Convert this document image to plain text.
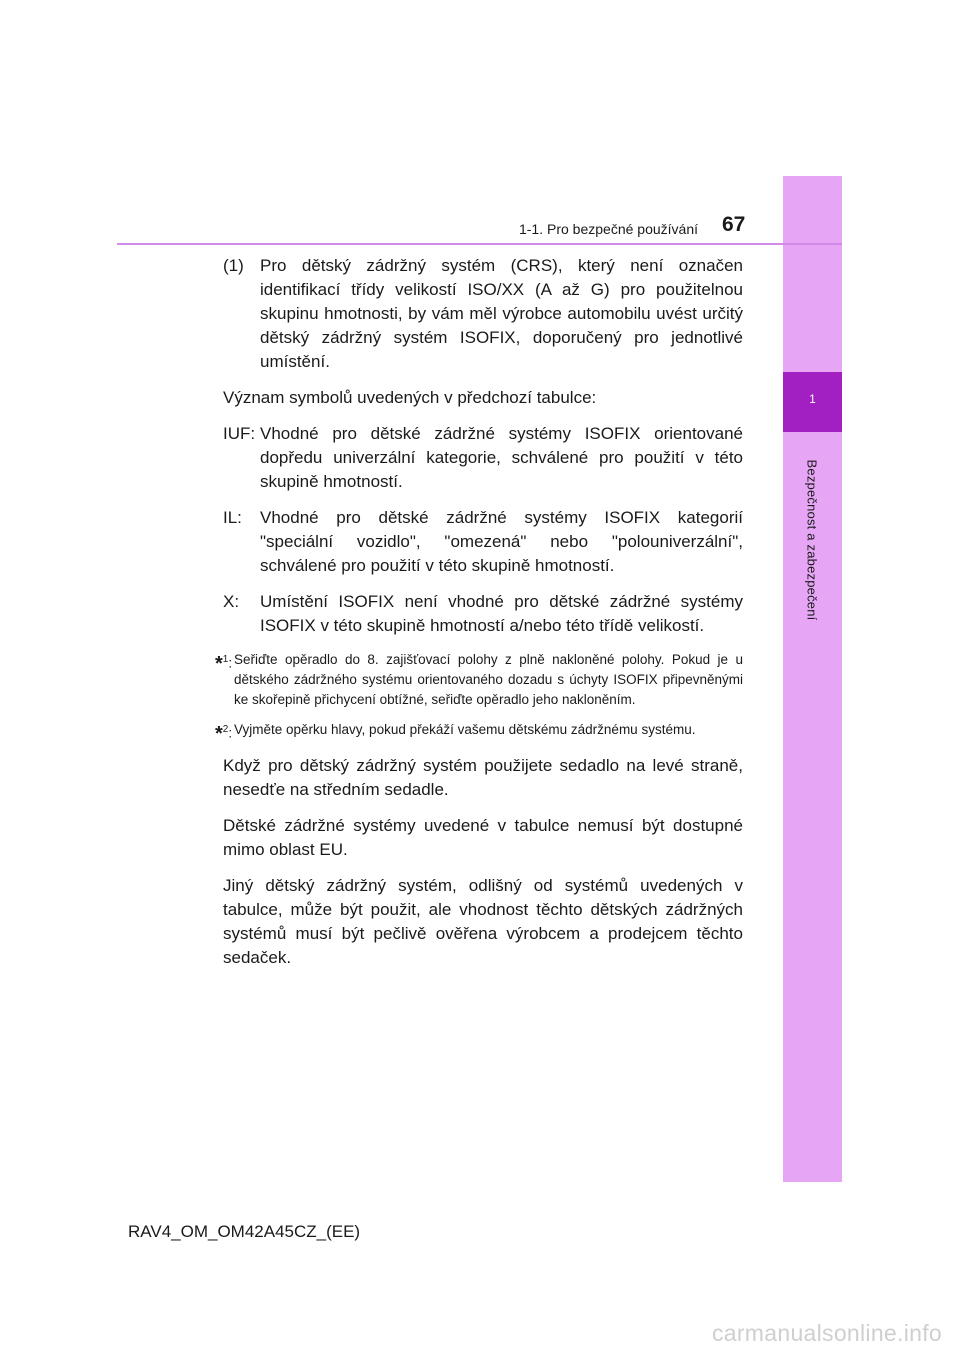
1
Bezpečnost a zabezpečení
1-1. Pro bezpečné používání 67
(1) Pro dětský zádržný systém (CRS), který není označen identifikací třídy velikostí ISO/XX (A až G) pro použitelnou skupinu hmotnosti, by vám měl výrobce automobilu uvést určitý dětský zádržný systém ISOFIX, doporučený pro jednotlivé umístění.

Význam symbolů uvedených v předchozí tabulce:

IUF: Vhodné pro dětské zádržné systémy ISOFIX orientované dopředu univerzální kategorie, schválené pro použití v této skupině hmotností.
IL:	Vhodné pro dětské zádržné systémy ISOFIX kategorií "speciální vozidlo", "omezená" nebo "polouniverzální", schválené pro použití v této skupině hmotností.
X:	Umístění ISOFIX není vhodné pro dětské zádržné systémy ISOFIX v této skupině hmotností a/nebo této třídě velikostí.
*$^1$: Seřiďte opěradlo do 8. zajišťovací polohy z plně nakloněné polohy. Pokud je u dětského zádržného systému orientovaného dozadu s úchyty ISOFIX připevněnými ke skořepině přichycení obtížné, seřiďte opěradlo jeho nakloněním.
*$^2$: Vyjměte opěrku hlavy, pokud překáží vašemu dětskému zádržnému systému.

Když pro dětský zádržný systém použijete sedadlo na levé straně, nesedťe na středním sedadle.

Dětské zádržné systémy uvedené v tabulce nemusí být dostupné mimo oblast EU.

Jiný dětský zádržný systém, odlišný od systémů uvedených v tabulce, může být použit, ale vhodnost těchto dětských zádržných systémů musí být pečlivě ověřena výrobcem a prodejcem těchto sedaček.

RAV4_OM_OM42A45CZ_(EE)
carmanualsonline.info
